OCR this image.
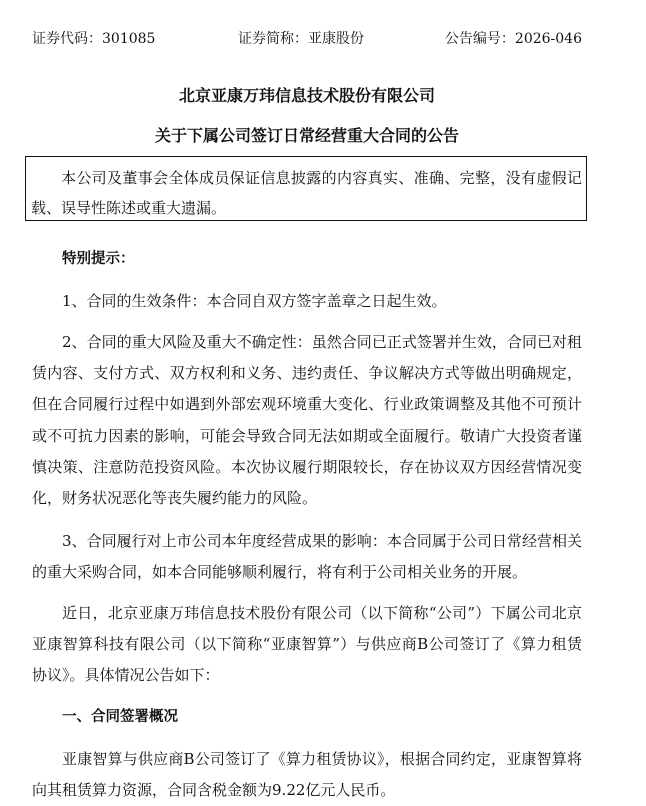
证券代码：301085	证券简称：亚康股份	公告编号：2026-046
北京亚康万玮信息技术股份有限公司
关于下属公司签订日常经营重大合同的公告
本公司及董事会全体成员保证信息披露的内容真实、准确、完整，没有虚假记载、误导性陈述或重大遗漏。

特别提示：

1、合同的生效条件：本合同自双方签字盖章之日起生效。

2、合同的重大风险及重大不确定性：虽然合同已正式签署并生效，合同已对租赁内容、支付方式、双方权利和义务、违约责任、争议解决方式等做出明确规定，但在合同履行过程中如遇到外部宏观环境重大变化、行业政策调整及其他不可预计或不可抗力因素的影响，可能会导致合同无法如期或全面履行。敬请广大投资者谨慎决策、注意防范投资风险。本次协议履行期限较长，存在协议双方因经营情况变化，财务状况恶化等丧失履约能力的风险。

3、合同履行对上市公司本年度经营成果的影响：本合同属于公司日常经营相关的重大采购合同，如本合同能够顺利履行，将有利于公司相关业务的开展。

近日，北京亚康万玮信息技术股份有限公司（以下简称“公司”）下属公司北京亚康智算科技有限公司（以下简称“亚康智算”）与供应商B公司签订了《算力租赁协议》。具体情况公告如下：

一、合同签署概况

亚康智算与供应商B公司签订了《算力租赁协议》，根据合同约定，亚康智算将向其租赁算力资源，合同含税金额为9.22亿元人民币。
